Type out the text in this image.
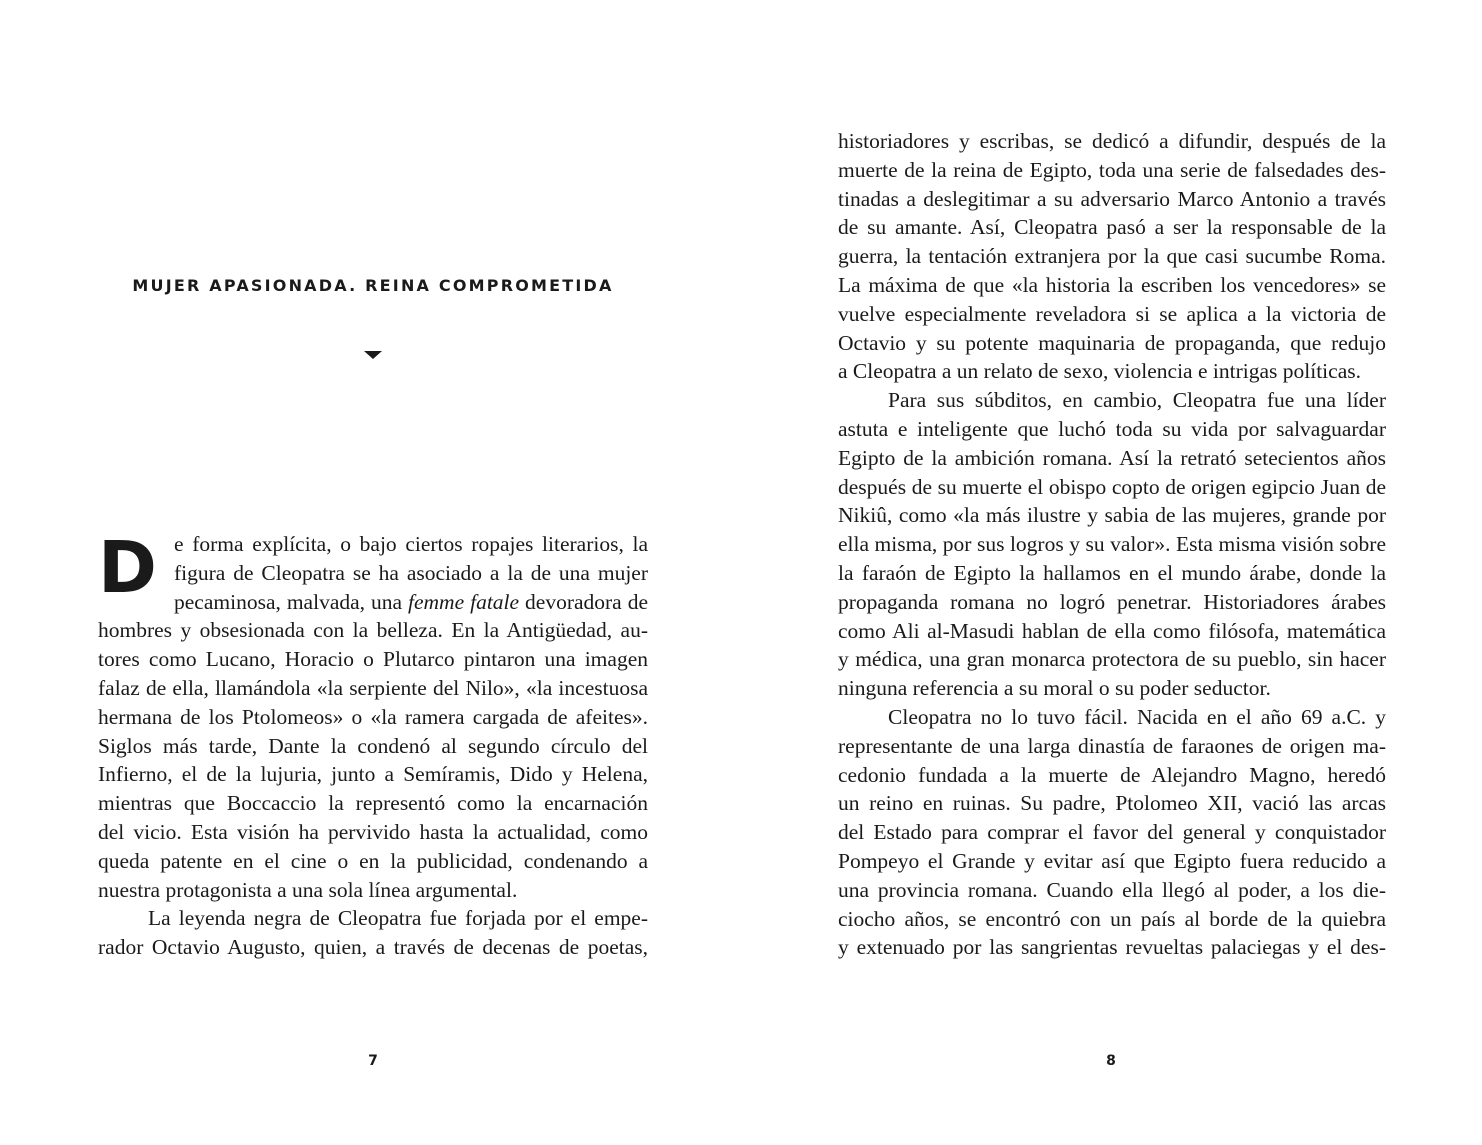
MUJER APASIONADA. REINA COMPROMETIDA
D e forma explícita, o bajo ciertos ropajes literarios, la
figura de Cleopatra se ha asociado a la de una mujer
pecaminosa, malvada, una femme fatale devoradora de
hombres y obsesionada con la belleza. En la Antigüedad, au-
tores como Lucano, Horacio o Plutarco pintaron una imagen
falaz de ella, llamándola «la serpiente del Nilo», «la incestuosa
hermana de los Ptolomeos» o «la ramera cargada de afeites».
Siglos más tarde, Dante la condenó al segundo círculo del
Infierno, el de la lujuria, junto a Semíramis, Dido y Helena,
mientras que Boccaccio la representó como la encarnación
del vicio. Esta visión ha pervivido hasta la actualidad, como
queda patente en el cine o en la publicidad, condenando a
nuestra protagonista a una sola línea argumental.
La leyenda negra de Cleopatra fue forjada por el empe-
rador Octavio Augusto, quien, a través de decenas de poetas,
7
historiadores y escribas, se dedicó a difundir, después de la
muerte de la reina de Egipto, toda una serie de falsedades des-
tinadas a deslegitimar a su adversario Marco Antonio a través
de su amante. Así, Cleopatra pasó a ser la responsable de la
guerra, la tentación extranjera por la que casi sucumbe Roma.
La máxima de que «la historia la escriben los vencedores» se
vuelve especialmente reveladora si se aplica a la victoria de
Octavio y su potente maquinaria de propaganda, que redujo
a Cleopatra a un relato de sexo, violencia e intrigas políticas.
Para sus súbditos, en cambio, Cleopatra fue una líder
astuta e inteligente que luchó toda su vida por salvaguardar
Egipto de la ambición romana. Así la retrató setecientos años
después de su muerte el obispo copto de origen egipcio Juan de
Nikiû, como «la más ilustre y sabia de las mujeres, grande por
ella misma, por sus logros y su valor». Esta misma visión sobre
la faraón de Egipto la hallamos en el mundo árabe, donde la
propaganda romana no logró penetrar. Historiadores árabes
como Ali al-Masudi hablan de ella como filósofa, matemática
y médica, una gran monarca protectora de su pueblo, sin hacer
ninguna referencia a su moral o su poder seductor.
Cleopatra no lo tuvo fácil. Nacida en el año 69 a.C. y
representante de una larga dinastía de faraones de origen ma-
cedonio fundada a la muerte de Alejandro Magno, heredó
un reino en ruinas. Su padre, Ptolomeo XII, vació las arcas
del Estado para comprar el favor del general y conquistador
Pompeyo el Grande y evitar así que Egipto fuera reducido a
una provincia romana. Cuando ella llegó al poder, a los die-
ciocho años, se encontró con un país al borde de la quiebra
y extenuado por las sangrientas revueltas palaciegas y el des-
8
